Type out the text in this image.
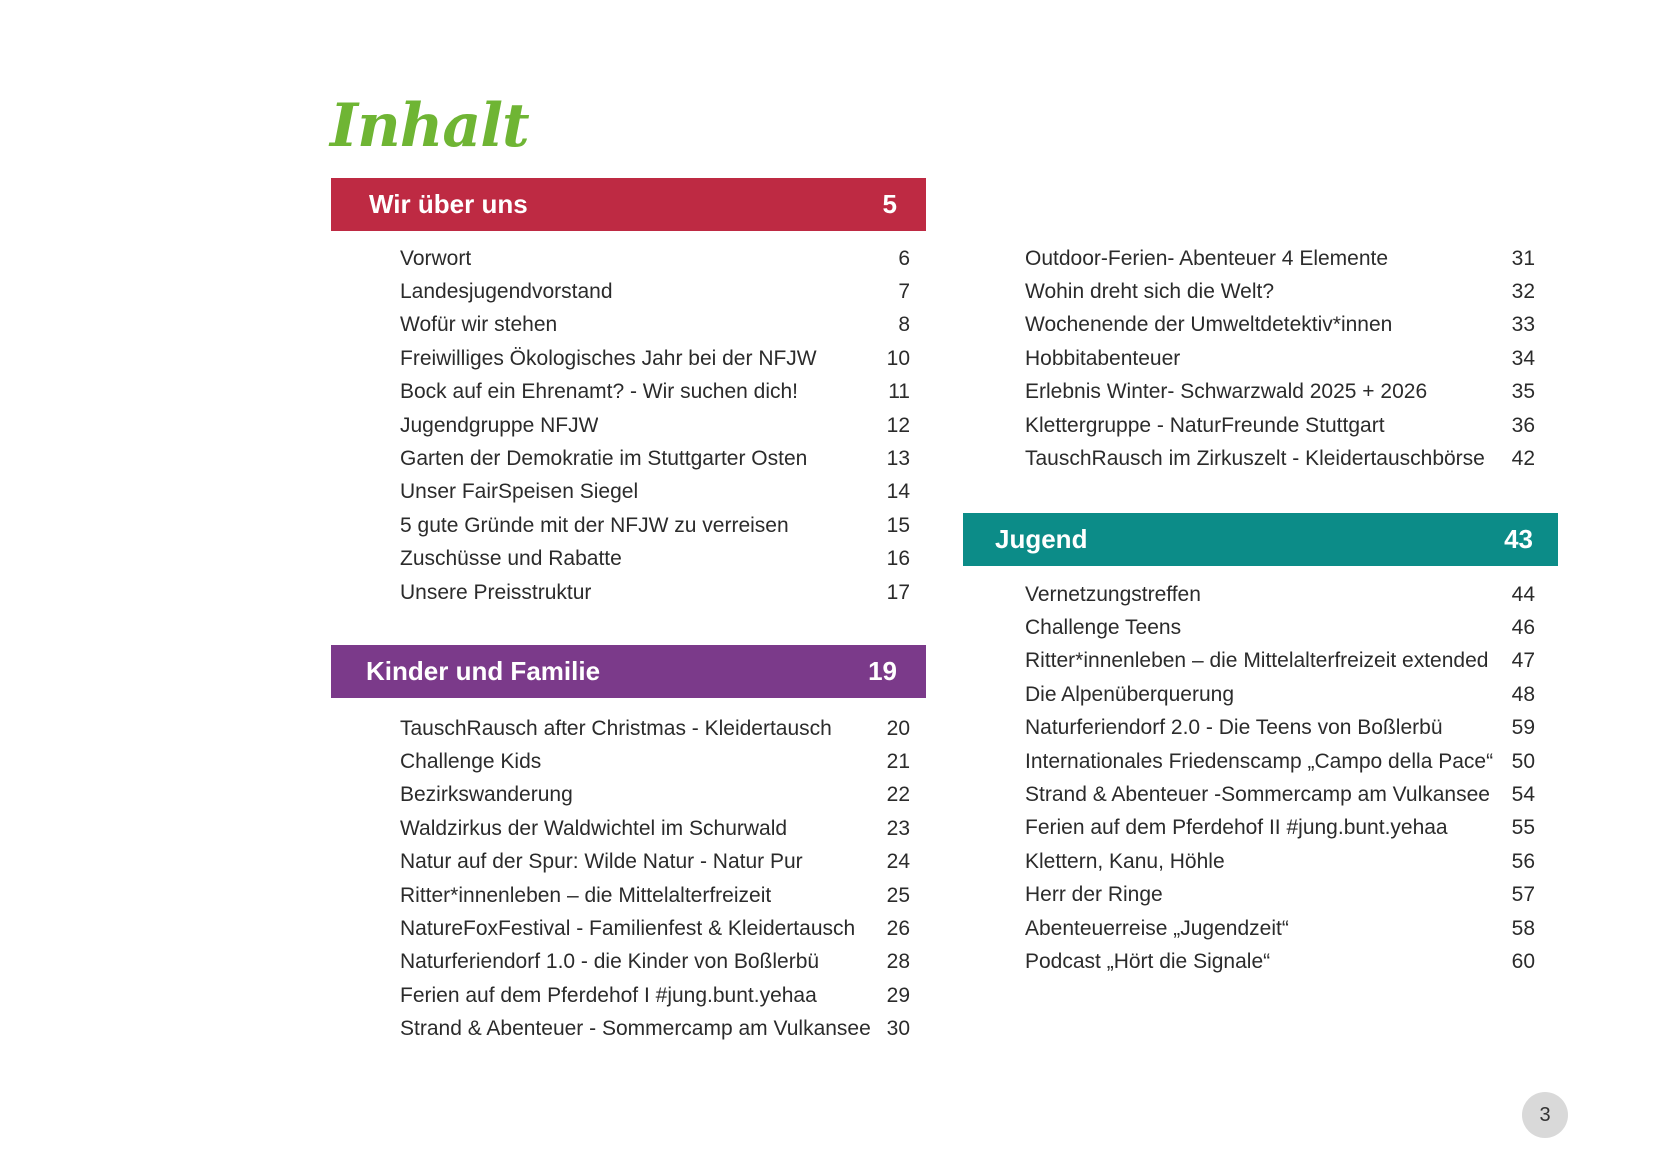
Inhalt
Wir über uns	5
Vorwort	6
Landesjugendvorstand	7
Wofür wir stehen	8
Freiwilliges Ökologisches Jahr bei der NFJW	10
Bock auf ein Ehrenamt? - Wir suchen dich!	11
Jugendgruppe NFJW	12
Garten der Demokratie im Stuttgarter Osten	13
Unser FairSpeisen Siegel	14
5 gute Gründe mit der NFJW zu verreisen	15
Zuschüsse und Rabatte	16
Unsere Preisstruktur	17
Kinder und Familie	19
TauschRausch after Christmas - Kleidertausch	20
Challenge Kids	21
Bezirkswanderung	22
Waldzirkus der Waldwichtel im Schurwald	23
Natur auf der Spur: Wilde Natur - Natur Pur	24
Ritter*innenleben – die Mittelalterfreizeit	25
NatureFoxFestival - Familienfest & Kleidertausch	26
Naturferiendorf 1.0 - die Kinder von Boßlerbü	28
Ferien auf dem Pferdehof I #jung.bunt.yehaa	29
Strand & Abenteuer - Sommercamp am Vulkansee 30
Outdoor-Ferien- Abenteuer 4 Elemente	31
Wohin dreht sich die Welt?	32
Wochenende der Umweltdetektiv*innen	33
Hobbitabenteuer	34
Erlebnis Winter- Schwarzwald 2025 + 2026	35
Klettergruppe - NaturFreunde Stuttgart	36
TauschRausch im Zirkuszelt - Kleidertauschbörse	42
Jugend	43
Vernetzungstreffen	44
Challenge Teens	46
Ritter*innenleben – die Mittelalterfreizeit extended	47
Die Alpenüberquerung	48
Naturferiendorf 2.0 - Die Teens von Boßlerbü	59
Internationales Friedenscamp „Campo della Pace“ 50
Strand & Abenteuer -Sommercamp am Vulkansee	54
Ferien auf dem Pferdehof II #jung.bunt.yehaa	55
Klettern, Kanu, Höhle	56
Herr der Ringe	57
Abenteuerreise „Jugendzeit“	58
Podcast „Hört die Signale“	60
3
